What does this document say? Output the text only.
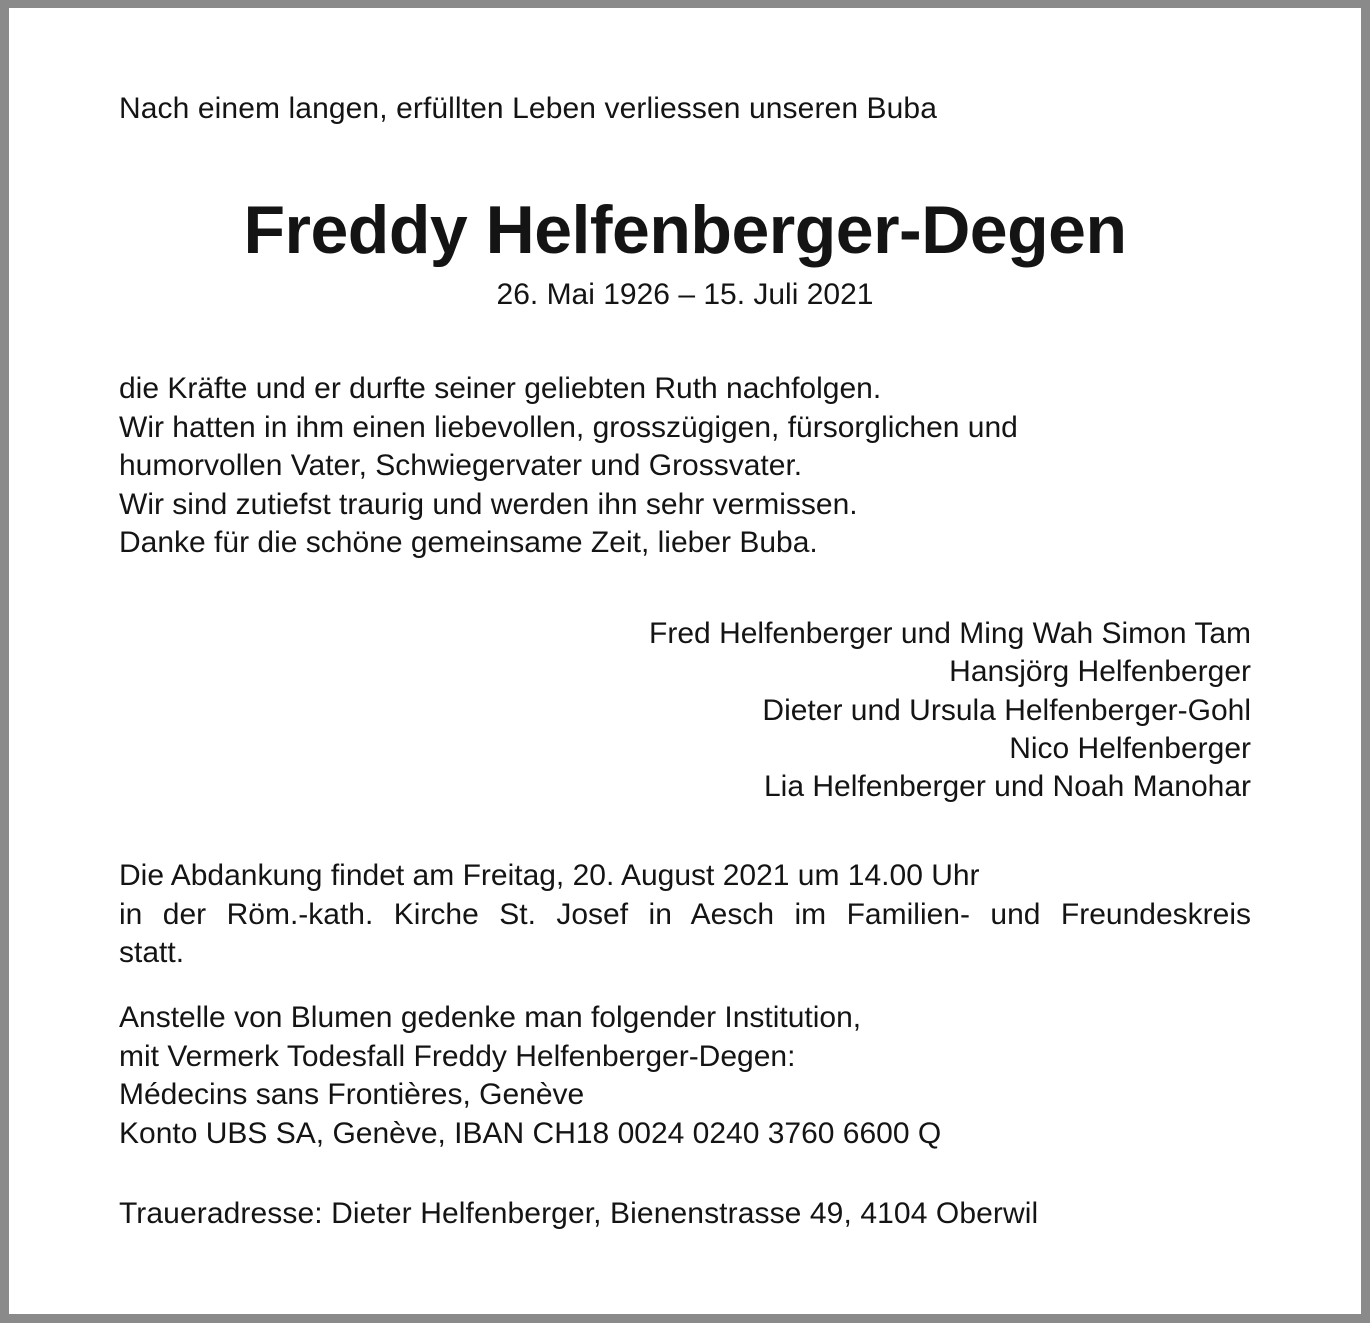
Nach einem langen, erfüllten Leben verliessen unseren Buba
Freddy Helfenberger-Degen
26. Mai 1926 – 15. Juli 2021
die Kräfte und er durfte seiner geliebten Ruth nachfolgen.
Wir hatten in ihm einen liebevollen, grosszügigen, fürsorglichen und
humorvollen Vater, Schwiegervater und Grossvater.
Wir sind zutiefst traurig und werden ihn sehr vermissen.
Danke für die schöne gemeinsame Zeit, lieber Buba.
Fred Helfenberger und Ming Wah Simon Tam
Hansjörg Helfenberger
Dieter und Ursula Helfenberger-Gohl
Nico Helfenberger
Lia Helfenberger und Noah Manohar
Die Abdankung findet am Freitag, 20. August 2021 um 14.00 Uhr
in der Röm.-kath. Kirche St. Josef in Aesch im Familien- und Freundeskreis
statt.
Anstelle von Blumen gedenke man folgender Institution,
mit Vermerk Todesfall Freddy Helfenberger-Degen:
Médecins sans Frontières, Genève
Konto UBS SA, Genève, IBAN CH18 0024 0240 3760 6600 Q
Traueradresse: Dieter Helfenberger, Bienenstrasse 49, 4104 Oberwil
